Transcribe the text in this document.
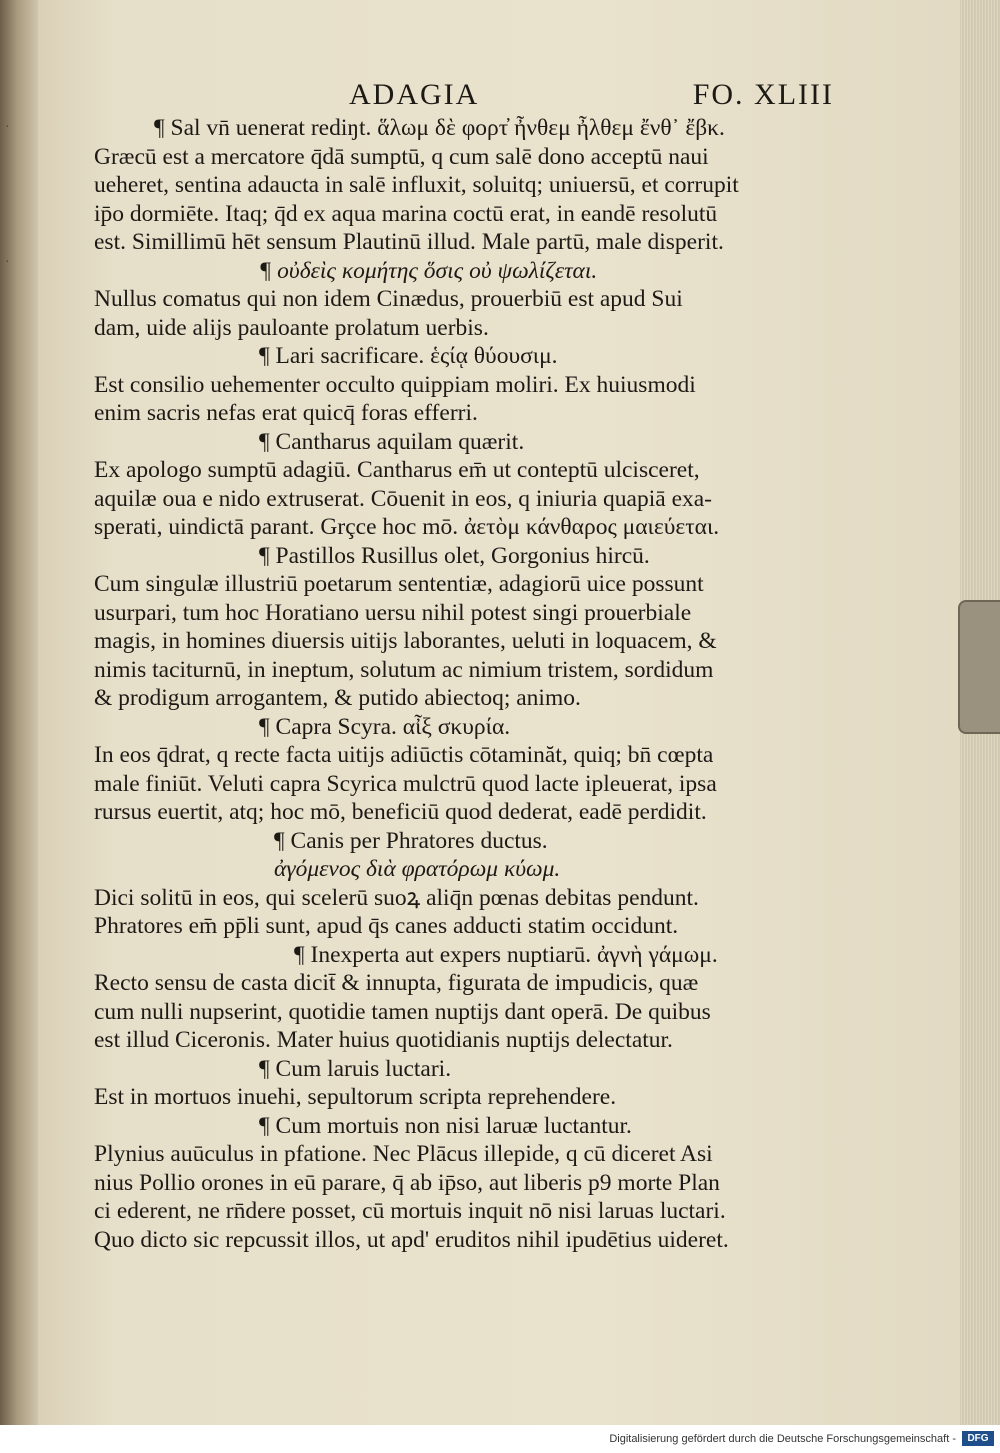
·
·
ADAGIA	FO. XLIII
¶ Sal vn̄ uenerat rediŋt. ἅλωμ δὲ φορτ̓ ἦνθεμ ἦλθεμ ἔνθ᾿ ἔβκ.
Græcū est a mercatore q̄dā sumptū, q cum salē dono acceptū naui
ueheret, sentina adaucta in salē influxit, soluitq; uniuersū, et corrupit
ip̄o dormiēte. Itaq; q̄d ex aqua marina coctū erat, in eandē resolutū
est. Simillimū hēt sensum Plautinū illud. Male partū, male disperit.
¶ οὐδεὶς κομήτης ὅσις οὐ ψωλίζεται.
Nullus comatus qui non idem Cinædus, prouerbiū est apud Sui
dam, uide alijs pauloante prolatum uerbis.
¶ Lari sacrificare. ἑςίᾳ θύουσιμ.
Est consilio uehementer occulto quippiam moliri. Ex huiusmodi
enim sacris nefas erat quicq̄ foras efferri.
¶ Cantharus aquilam quærit.
Ex apologo sumptū adagiū. Cantharus em̄ ut conteptū ulcisceret,
aquilæ oua e nido extruserat. Cōuenit in eos, q iniuria quapiā exa-
sperati, uindictā parant. Grçce hoc mō. ἀετὸμ κάνθαρος μαιεύεται.
¶ Pastillos Rusillus olet, Gorgonius hircū.
Cum singulæ illustriū poetarum sententiæ, adagiorū uice possunt
usurpari, tum hoc Horatiano uersu nihil potest singi prouerbiale
magis, in homines diuersis uitijs laborantes, ueluti in loquacem, &
nimis taciturnū, in ineptum, solutum ac nimium tristem, sordidum
& prodigum arrogantem, & putido abiectoq; animo.
¶ Capra Scyra. αἶξ σκυρία.
In eos q̄drat, q recte facta uitijs adiūctis cōtaminăt, quiq; bn̄ cœpta
male finiūt. Veluti capra Scyrica mulctrū quod lacte ipleuerat, ipsa
rursus euertit, atq; hoc mō, beneficiū quod dederat, eadē perdidit.
¶ Canis per Phratores ductus.
ἀγόμενος διὰ φρατόρωμ κύωμ.
Dici solitū in eos, qui scelerū suoꝝ aliq̄n pœnas debitas pendunt.
Phratores em̄ pp̄li sunt, apud q̄s canes adducti statim occidunt.
¶ Inexperta aut expers nuptiarū. ἀγνὴ γάμωμ.
Recto sensu de casta dicit̄ & innupta, figurata de impudicis, quæ
cum nulli nupserint, quotidie tamen nuptijs dant operā. De quibus
est illud Ciceronis. Mater huius quotidianis nuptijs delectatur.
¶ Cum laruis luctari.
Est in mortuos inuehi, sepultorum scripta reprehendere.
¶ Cum mortuis non nisi laruæ luctantur.
Plynius auūculus in pfatione. Nec Plācus illepide, q cū diceret Asi
nius Pollio orones in eū parare, q̄ ab ip̄so, aut liberis p9 morte Plan
ci ederent, ne rn̄dere posset, cū mortuis inquit nō nisi laruas luctari.
Quo dicto sic repcussit illos, ut apd' eruditos nihil ipudētius uideret.
Digitalisierung gefördert durch die Deutsche Forschungsgemeinschaft -	DFG
